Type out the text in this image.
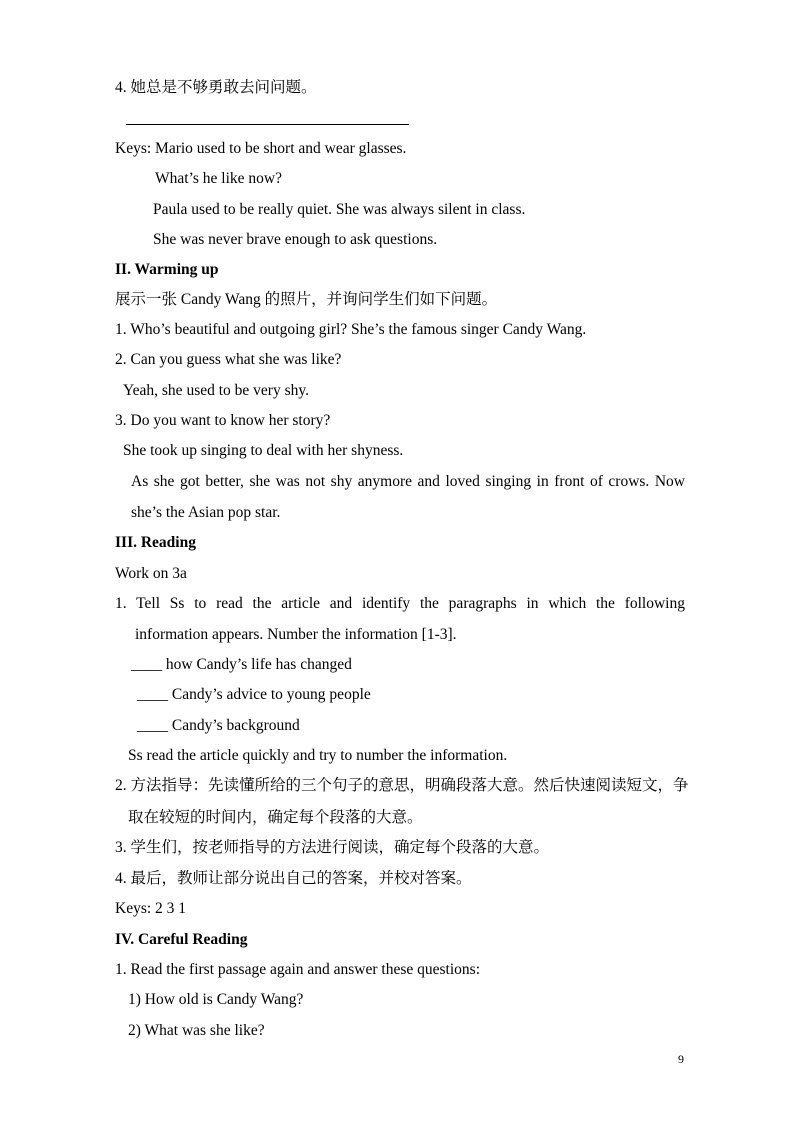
4. 她总是不够勇敢去问问题。
Keys: Mario used to be short and wear glasses.
What’s he like now?
Paula used to be really quiet. She was always silent in class.
She was never brave enough to ask questions.
II. Warming up
展示一张 Candy Wang 的照片，并询问学生们如下问题。
1. Who’s beautiful and outgoing girl? She’s the famous singer Candy Wang.
2. Can you guess what she was like?
Yeah, she used to be very shy.
3. Do you want to know her story?
She took up singing to deal with her shyness.
As she got better, she was not shy anymore and loved singing in front of crows. Now
she’s the Asian pop star.
III. Reading
Work on 3a
1. Tell Ss to read the article and identify the paragraphs in which the following
information appears. Number the information [1-3].
____ how Candy’s life has changed
____ Candy’s advice to young people
____ Candy’s background
Ss read the article quickly and try to number the information.
2. 方法指导：先读懂所给的三个句子的意思，明确段落大意。然后快速阅读短文，争
取在较短的时间内，确定每个段落的大意。
3. 学生们，按老师指导的方法进行阅读，确定每个段落的大意。
4. 最后，教师让部分说出自己的答案，并校对答案。
Keys: 2 3 1
IV. Careful Reading
1. Read the first passage again and answer these questions:
1) How old is Candy Wang?
2) What was she like?
9
